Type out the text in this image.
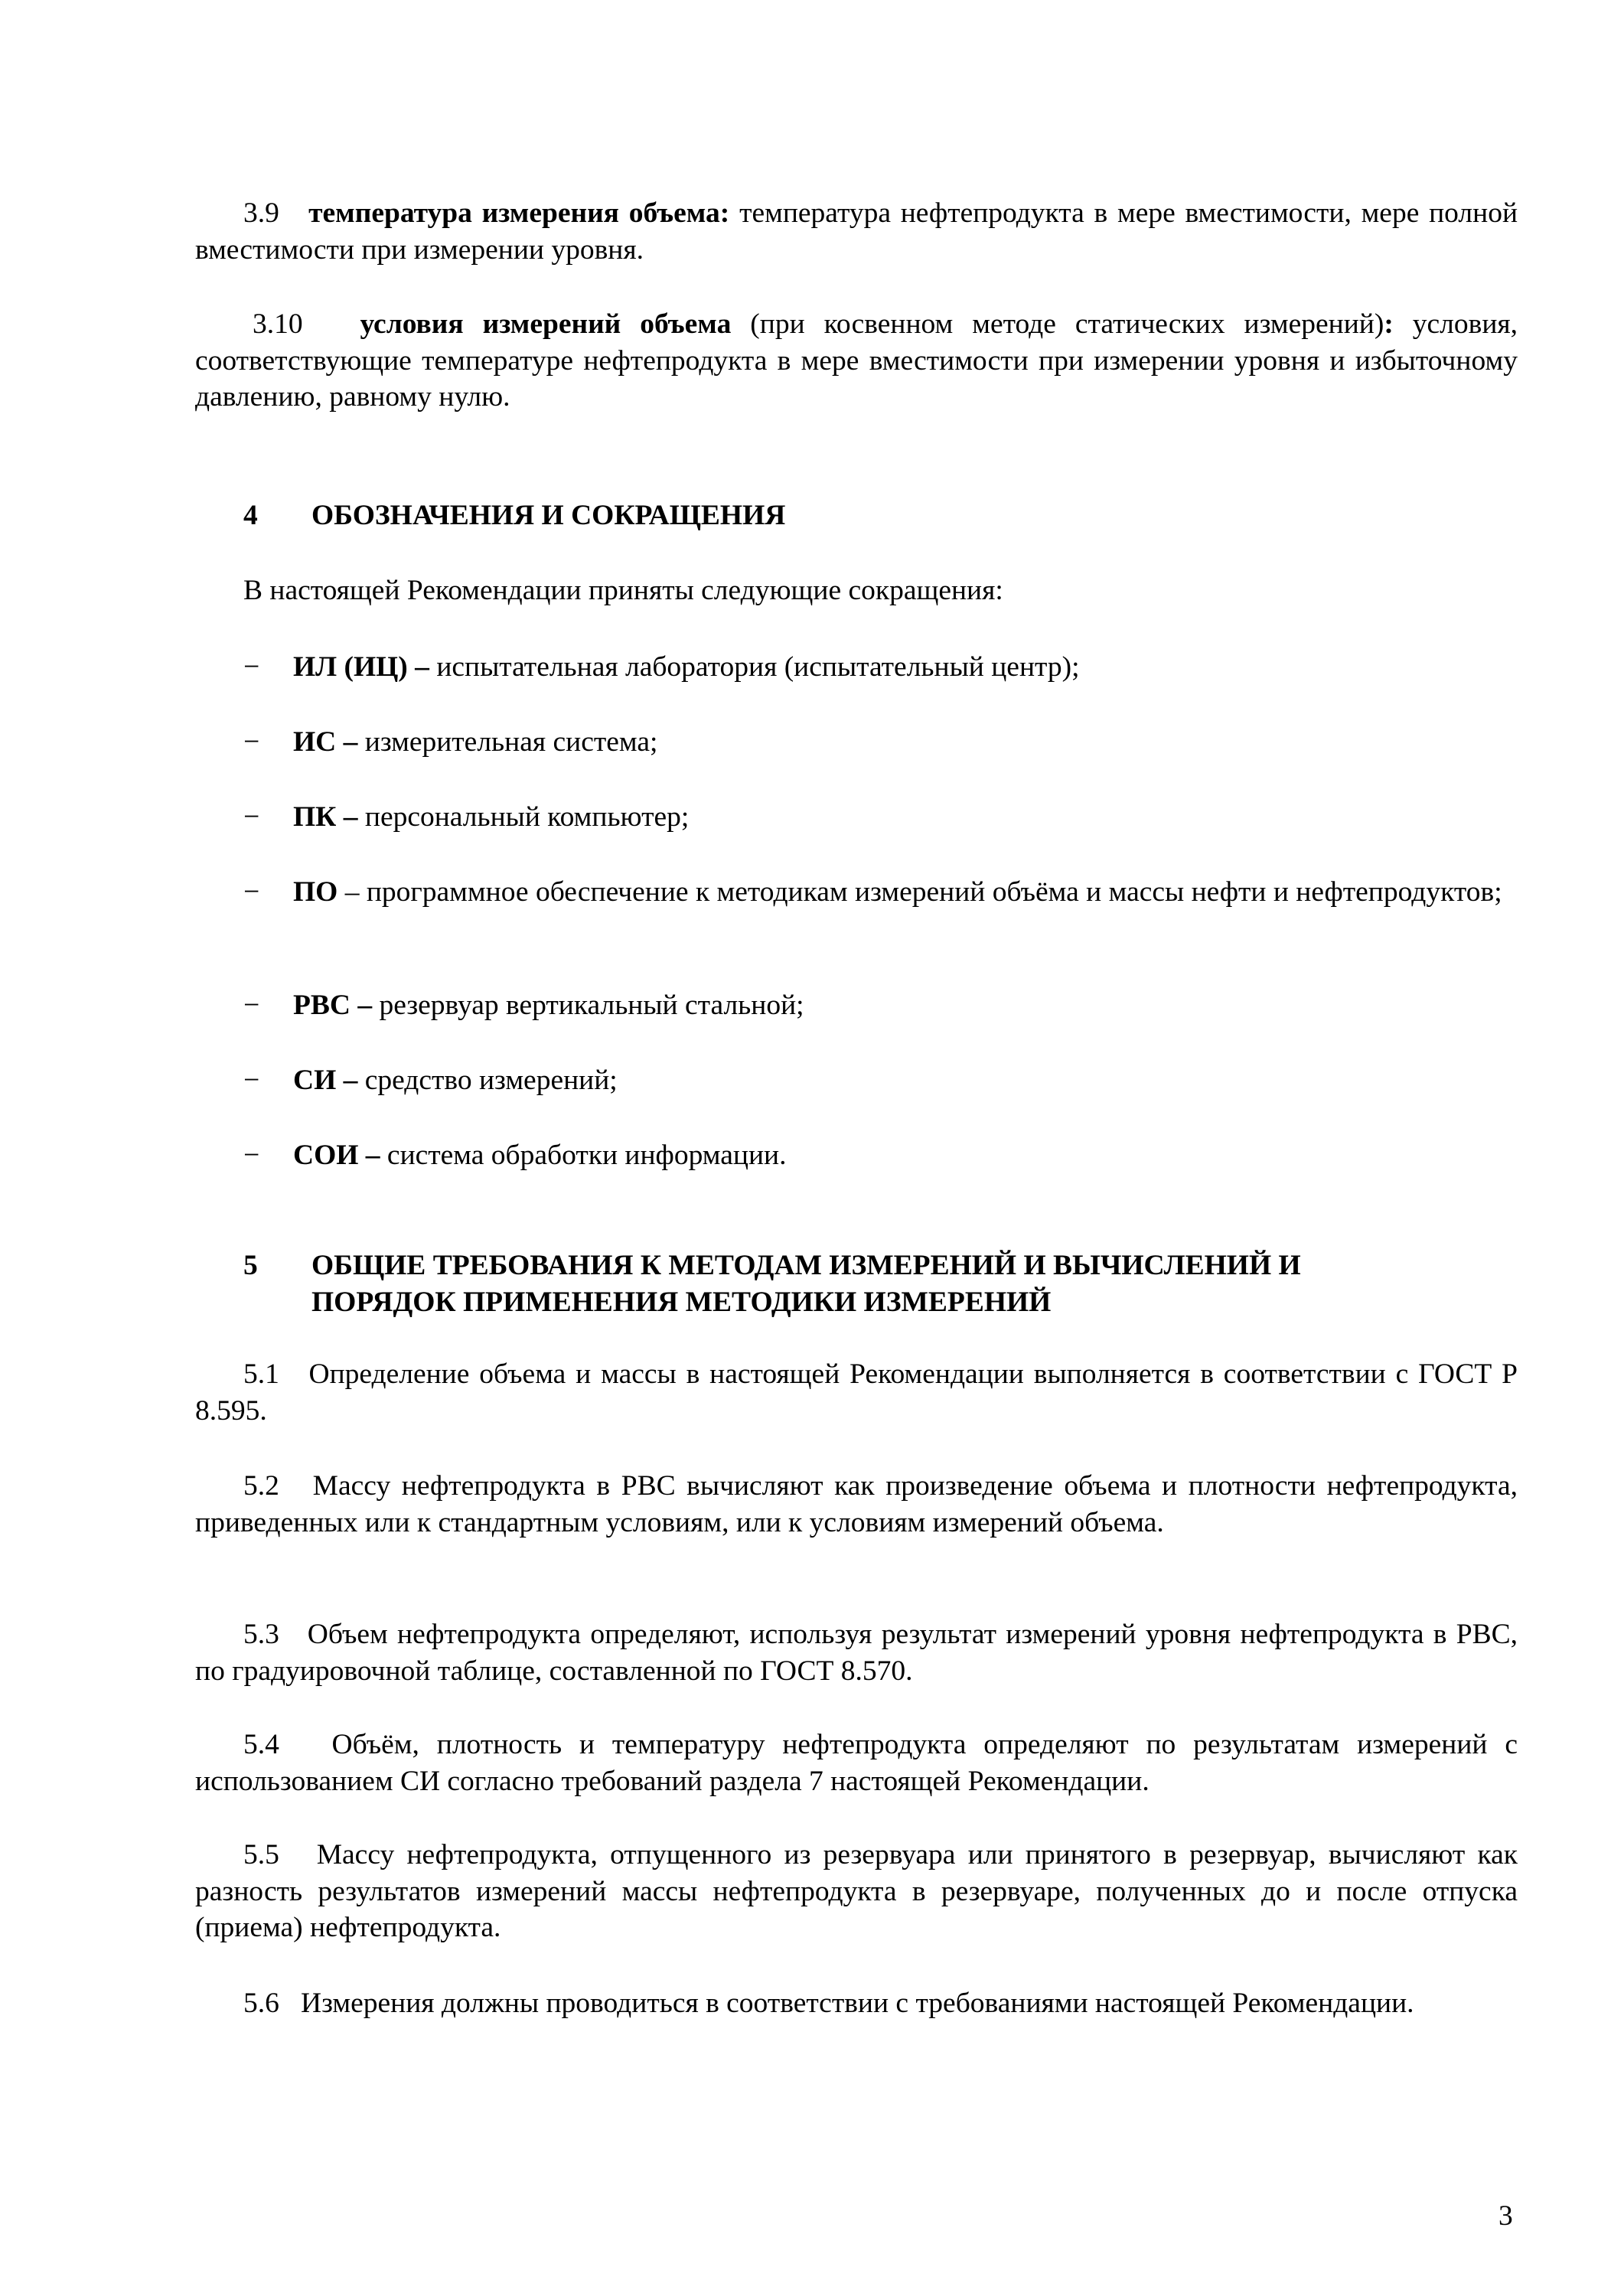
3.9 температура измерения объема: температура нефтепродукта в мере вместимости, мере полной вместимости при измерении уровня.
3.10 условия измерений объема (при косвенном методе статических измерений): условия, соответствующие температуре нефтепродукта в мере вместимости при измерении уровня и избыточному давлению, равному нулю.
4 ОБОЗНАЧЕНИЯ И СОКРАЩЕНИЯ
В настоящей Рекомендации приняты следующие сокращения:
− ИЛ (ИЦ) – испытательная лаборатория (испытательный центр);
− ИС – измерительная система;
− ПК – персональный компьютер;
− ПО – программное обеспечение к методикам измерений объёма и массы нефти и нефтепродуктов;
− РВС – резервуар вертикальный стальной;
− СИ – средство измерений;
− СОИ – система обработки информации.
5 ОБЩИЕ ТРЕБОВАНИЯ К МЕТОДАМ ИЗМЕРЕНИЙ И ВЫЧИСЛЕНИЙ И
ПОРЯДОК ПРИМЕНЕНИЯ МЕТОДИКИ ИЗМЕРЕНИЙ
5.1 Определение объема и массы в настоящей Рекомендации выполняется в соответствии с ГОСТ Р 8.595.
5.2 Массу нефтепродукта в РВС вычисляют как произведение объема и плотности нефтепродукта, приведенных или к стандартным условиям, или к условиям измерений объема.
5.3 Объем нефтепродукта определяют, используя результат измерений уровня нефтепродукта в РВС, по градуировочной таблице, составленной по ГОСТ 8.570.
5.4 Объём, плотность и температуру нефтепродукта определяют по результатам измерений с использованием СИ согласно требований раздела 7 настоящей Рекомендации.
5.5 Массу нефтепродукта, отпущенного из резервуара или принятого в резервуар, вычисляют как разность результатов измерений массы нефтепродукта в резервуаре, полученных до и после отпуска (приема) нефтепродукта.
5.6 Измерения должны проводиться в соответствии с требованиями настоящей Рекомендации.
3
